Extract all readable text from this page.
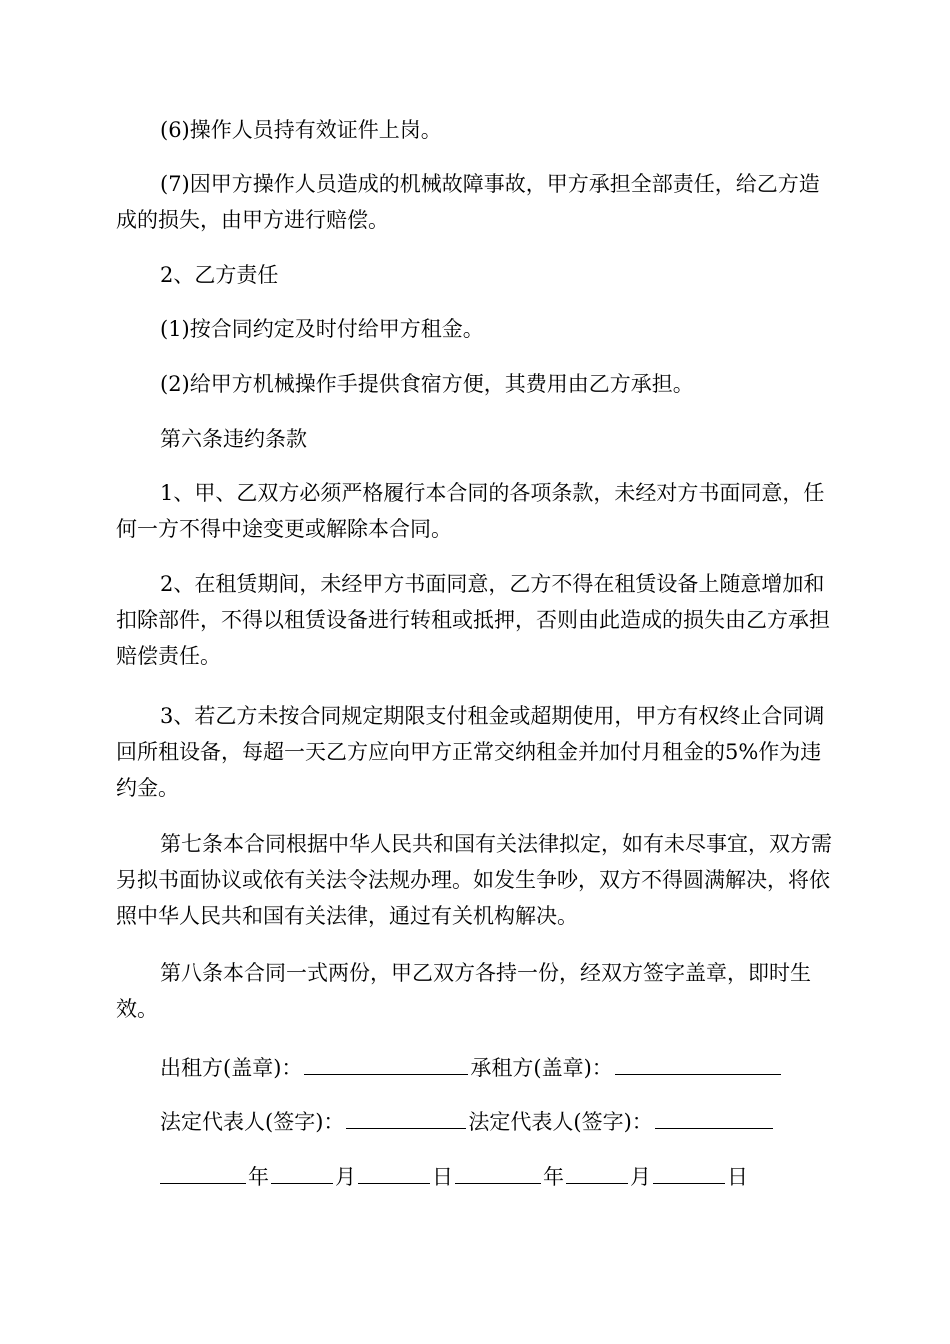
(6)操作人员持有效证件上岗。

(7)因甲方操作人员造成的机械故障事故，甲方承担全部责任，给乙方造成的损失，由甲方进行赔偿。

2、乙方责任

(1)按合同约定及时付给甲方租金。

(2)给甲方机械操作手提供食宿方便，其费用由乙方承担。

第六条违约条款

1、甲、乙双方必须严格履行本合同的各项条款，未经对方书面同意，任何一方不得中途变更或解除本合同。

2、在租赁期间，未经甲方书面同意，乙方不得在租赁设备上随意增加和扣除部件，不得以租赁设备进行转租或抵押，否则由此造成的损失由乙方承担赔偿责任。

3、若乙方未按合同规定期限支付租金或超期使用，甲方有权终止合同调回所租设备，每超一天乙方应向甲方正常交纳租金并加付月租金的5%作为违约金。

第七条本合同根据中华人民共和国有关法律拟定，如有未尽事宜，双方需另拟书面协议或依有关法令法规办理。如发生争吵，双方不得圆满解决，将依照中华人民共和国有关法律，通过有关机构解决。

第八条本合同一式两份，甲乙双方各持一份，经双方签字盖章，即时生效。

出租方(盖章)：	承租方(盖章)：
法定代表人(签字)：	法定代表人(签字)：
年	月	日	年	月	日
